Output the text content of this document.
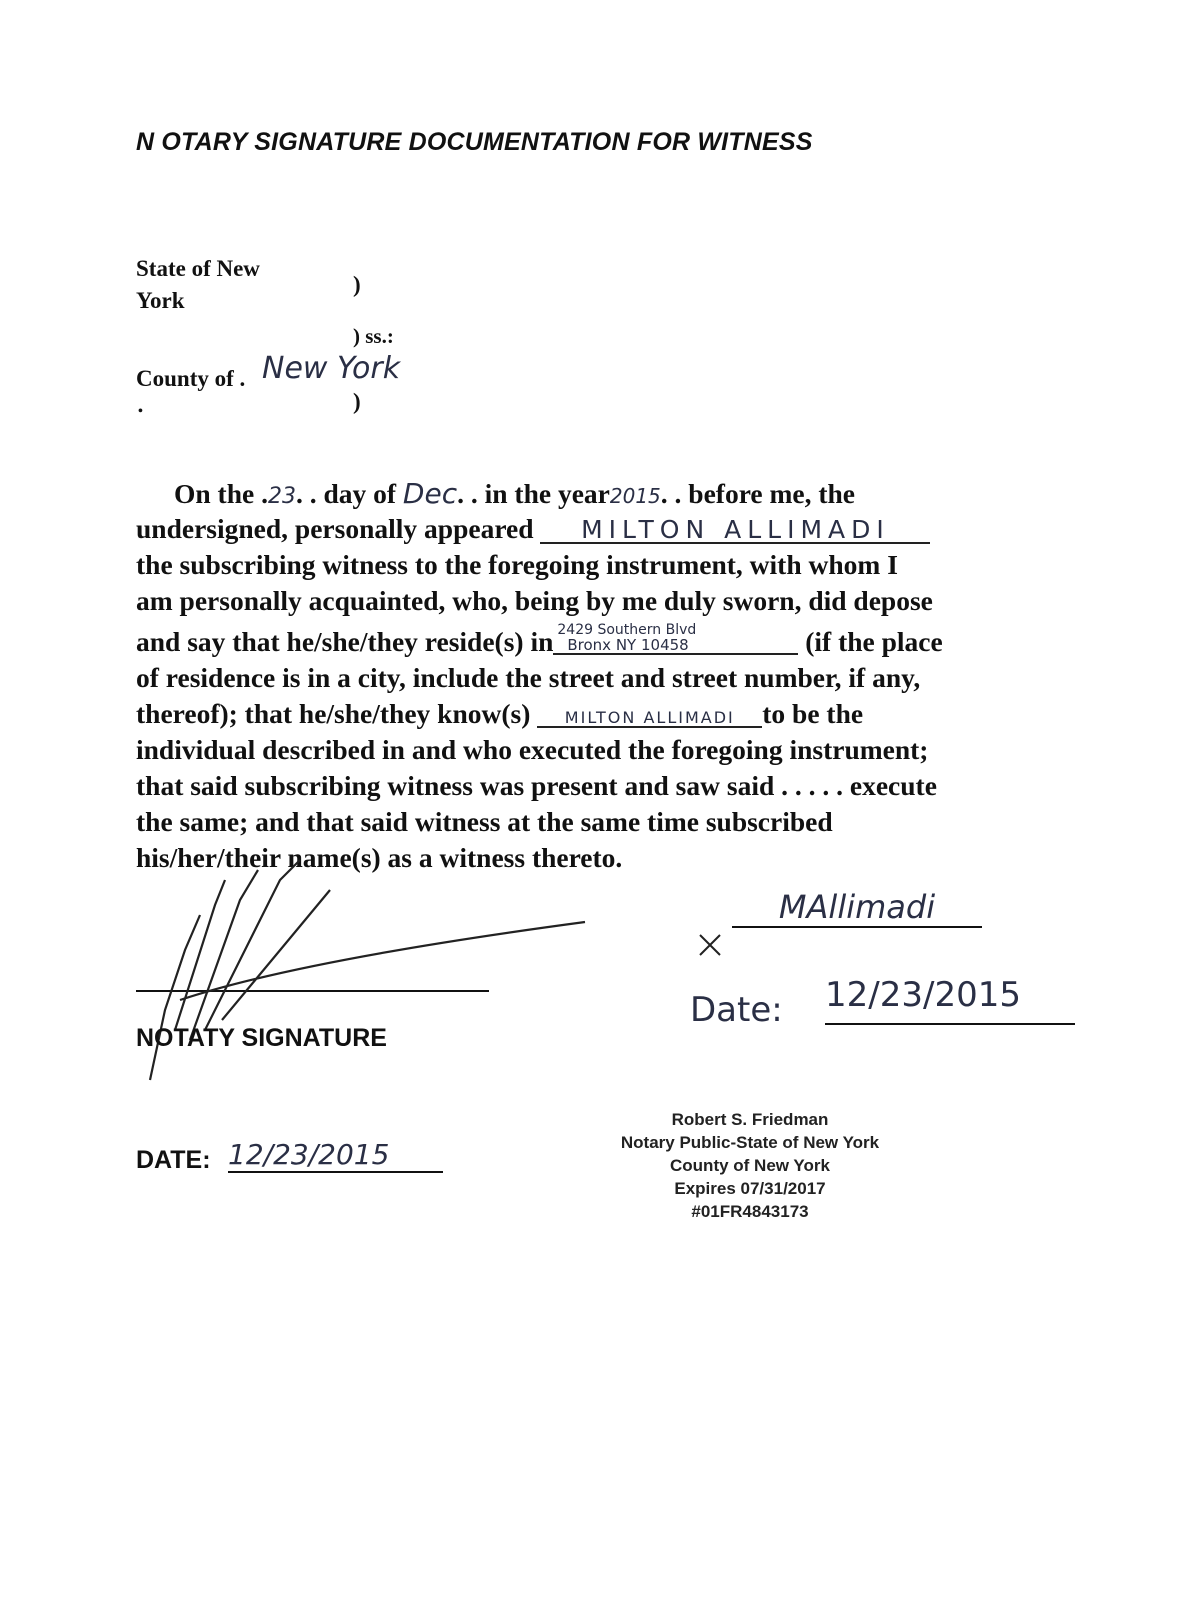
N OTARY SIGNATURE DOCUMENTATION FOR WITNESS
State of New
York
)
) ss.:
County of . New York
)
•
On the .23. . day of Dec. . in the year2015. . before me, the
undersigned, personally appeared MILTON ALLIMADI
the subscribing witness to the foregoing instrument, with whom I
am personally acquainted, who, being by me duly sworn, did depose
and say that he/she/they reside(s) in 2429 Southern Blvd
Bronx NY 10458	(if the place
of residence is in a city, include the street and street number, if any,
thereof); that he/she/they know(s) MILTON ALLIMADI to be the
individual described in and who executed the foregoing instrument;
that said subscribing witness was present and saw said . . . . . execute
the same; and that said witness at the same time subscribed
his/her/their name(s) as a witness thereto.
NOTATY SIGNATURE
DATE: 12/23/2015
MAllimadi
Date: 12/23/2015
Robert S. Friedman
Notary Public-State of New York
County of New York
Expires 07/31/2017
#01FR4843173
